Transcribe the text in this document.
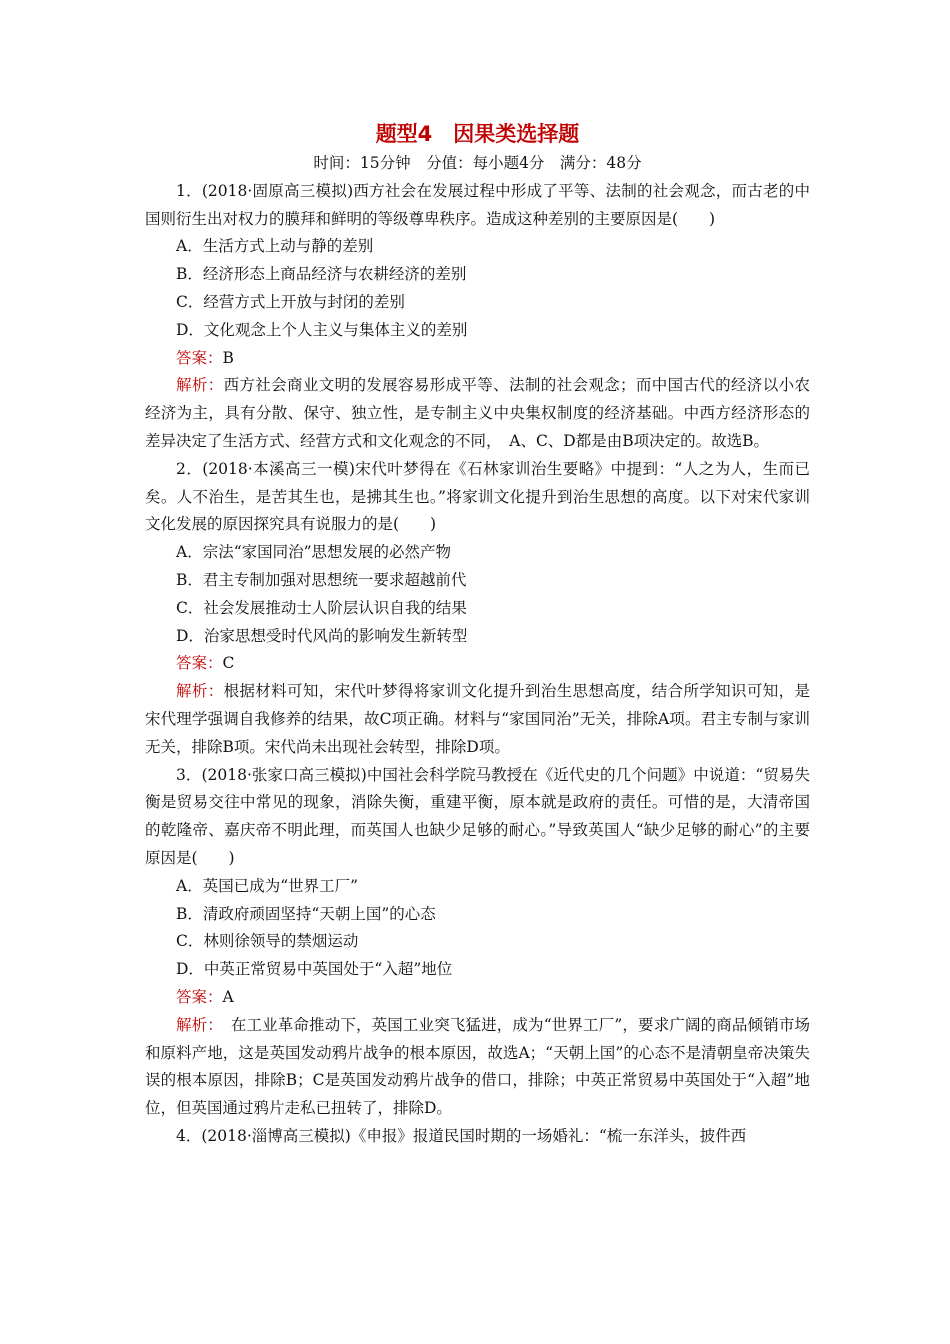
题型4　因果类选择题
时间：15分钟　分值：每小题4分　满分：48分

1．(2018·固原高三模拟)西方社会在发展过程中形成了平等、法制的社会观念，而古老的中国则衍生出对权力的膜拜和鲜明的等级尊卑秩序。造成这种差别的主要原因是(　　)

A．生活方式上动与静的差别

B．经济形态上商品经济与农耕经济的差别

C．经营方式上开放与封闭的差别

D．文化观念上个人主义与集体主义的差别

答案：B

解析：西方社会商业文明的发展容易形成平等、法制的社会观念；而中国古代的经济以小农经济为主，具有分散、保守、独立性，是专制主义中央集权制度的经济基础。中西方经济形态的差异决定了生活方式、经营方式和文化观念的不同，　A、C、D都是由B项决定的。故选B。

2．(2018·本溪高三一模)宋代叶梦得在《石林家训治生要略》中提到：“人之为人，生而已矣。人不治生，是苦其生也，是拂其生也。”将家训文化提升到治生思想的高度。以下对宋代家训文化发展的原因探究具有说服力的是(　　)

A．宗法“家国同治”思想发展的必然产物

B．君主专制加强对思想统一要求超越前代

C．社会发展推动士人阶层认识自我的结果

D．治家思想受时代风尚的影响发生新转型

答案：C

解析：根据材料可知，宋代叶梦得将家训文化提升到治生思想高度，结合所学知识可知，是宋代理学强调自我修养的结果，故C项正确。材料与“家国同治”无关，排除A项。君主专制与家训无关，排除B项。宋代尚未出现社会转型，排除D项。

3．(2018·张家口高三模拟)中国社会科学院马教授在《近代史的几个问题》中说道：“贸易失衡是贸易交往中常见的现象，消除失衡，重建平衡，原本就是政府的责任。可惜的是，大清帝国的乾隆帝、嘉庆帝不明此理，而英国人也缺少足够的耐心。”导致英国人“缺少足够的耐心”的主要原因是(　　)

A．英国已成为“世界工厂”

B．清政府顽固坚持“天朝上国”的心态

C．林则徐领导的禁烟运动

D．中英正常贸易中英国处于“入超”地位

答案：A

解析：　在工业革命推动下，英国工业突飞猛进，成为“世界工厂”，要求广阔的商品倾销市场和原料产地，这是英国发动鸦片战争的根本原因，故选A；“天朝上国”的心态不是清朝皇帝决策失误的根本原因，排除B；C是英国发动鸦片战争的借口，排除；中英正常贸易中英国处于“入超”地位，但英国通过鸦片走私已扭转了，排除D。

4．(2018·淄博高三模拟)《申报》报道民国时期的一场婚礼：“梳一东洋头，披件西
